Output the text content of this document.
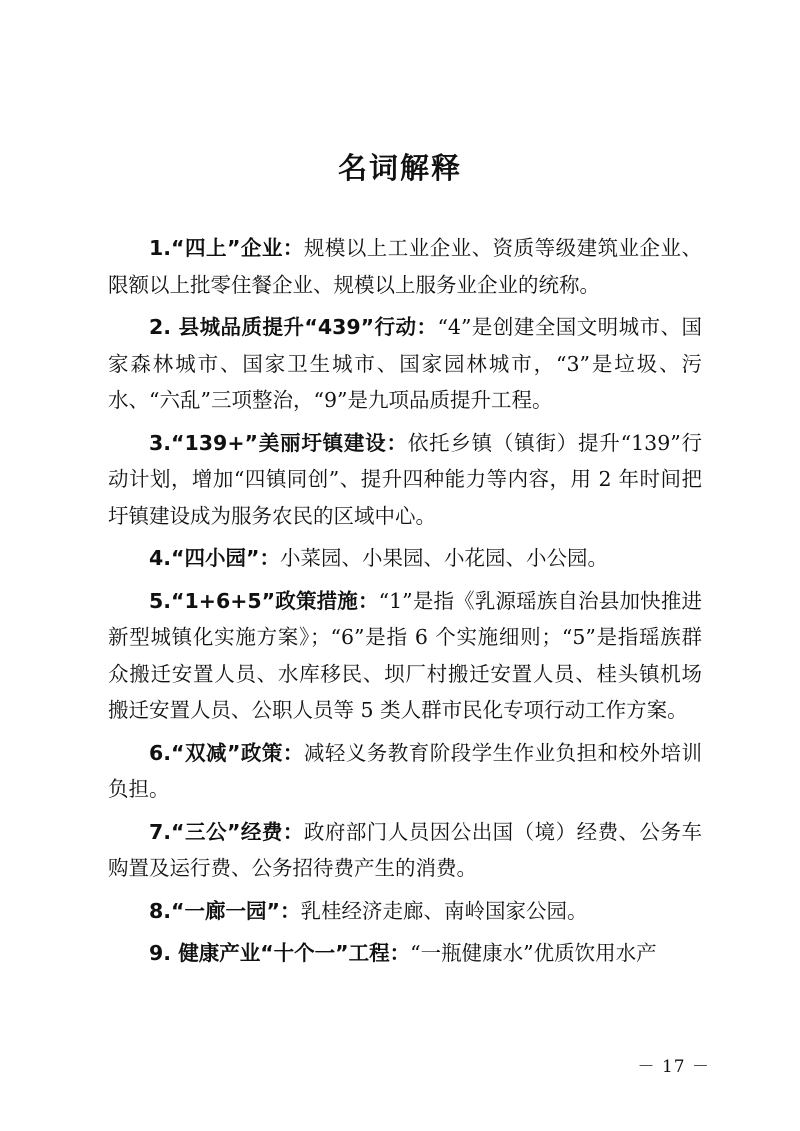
名词解释
1.“四上”企业：规模以上工业企业、资质等级建筑业企业、限额以上批零住餐企业、规模以上服务业企业的统称。
2. 县城品质提升“439”行动：“4”是创建全国文明城市、国家森林城市、国家卫生城市、国家园林城市，“3”是垃圾、污水、“六乱”三项整治，“9”是九项品质提升工程。
3.“139+”美丽圩镇建设：依托乡镇（镇街）提升“139”行动计划，增加“四镇同创”、提升四种能力等内容，用 2 年时间把圩镇建设成为服务农民的区域中心。
4.“四小园”：小菜园、小果园、小花园、小公园。
5.“1+6+5”政策措施：“1”是指《乳源瑶族自治县加快推进新型城镇化实施方案》；“6”是指 6 个实施细则；“5”是指瑶族群众搬迁安置人员、水库移民、坝厂村搬迁安置人员、桂头镇机场搬迁安置人员、公职人员等 5 类人群市民化专项行动工作方案。
6.“双减”政策：减轻义务教育阶段学生作业负担和校外培训负担。
7.“三公”经费：政府部门人员因公出国（境）经费、公务车购置及运行费、公务招待费产生的消费。
8.“一廊一园”：乳桂经济走廊、南岭国家公园。
9. 健康产业“十个一”工程：“一瓶健康水”优质饮用水产
－ 17 －
